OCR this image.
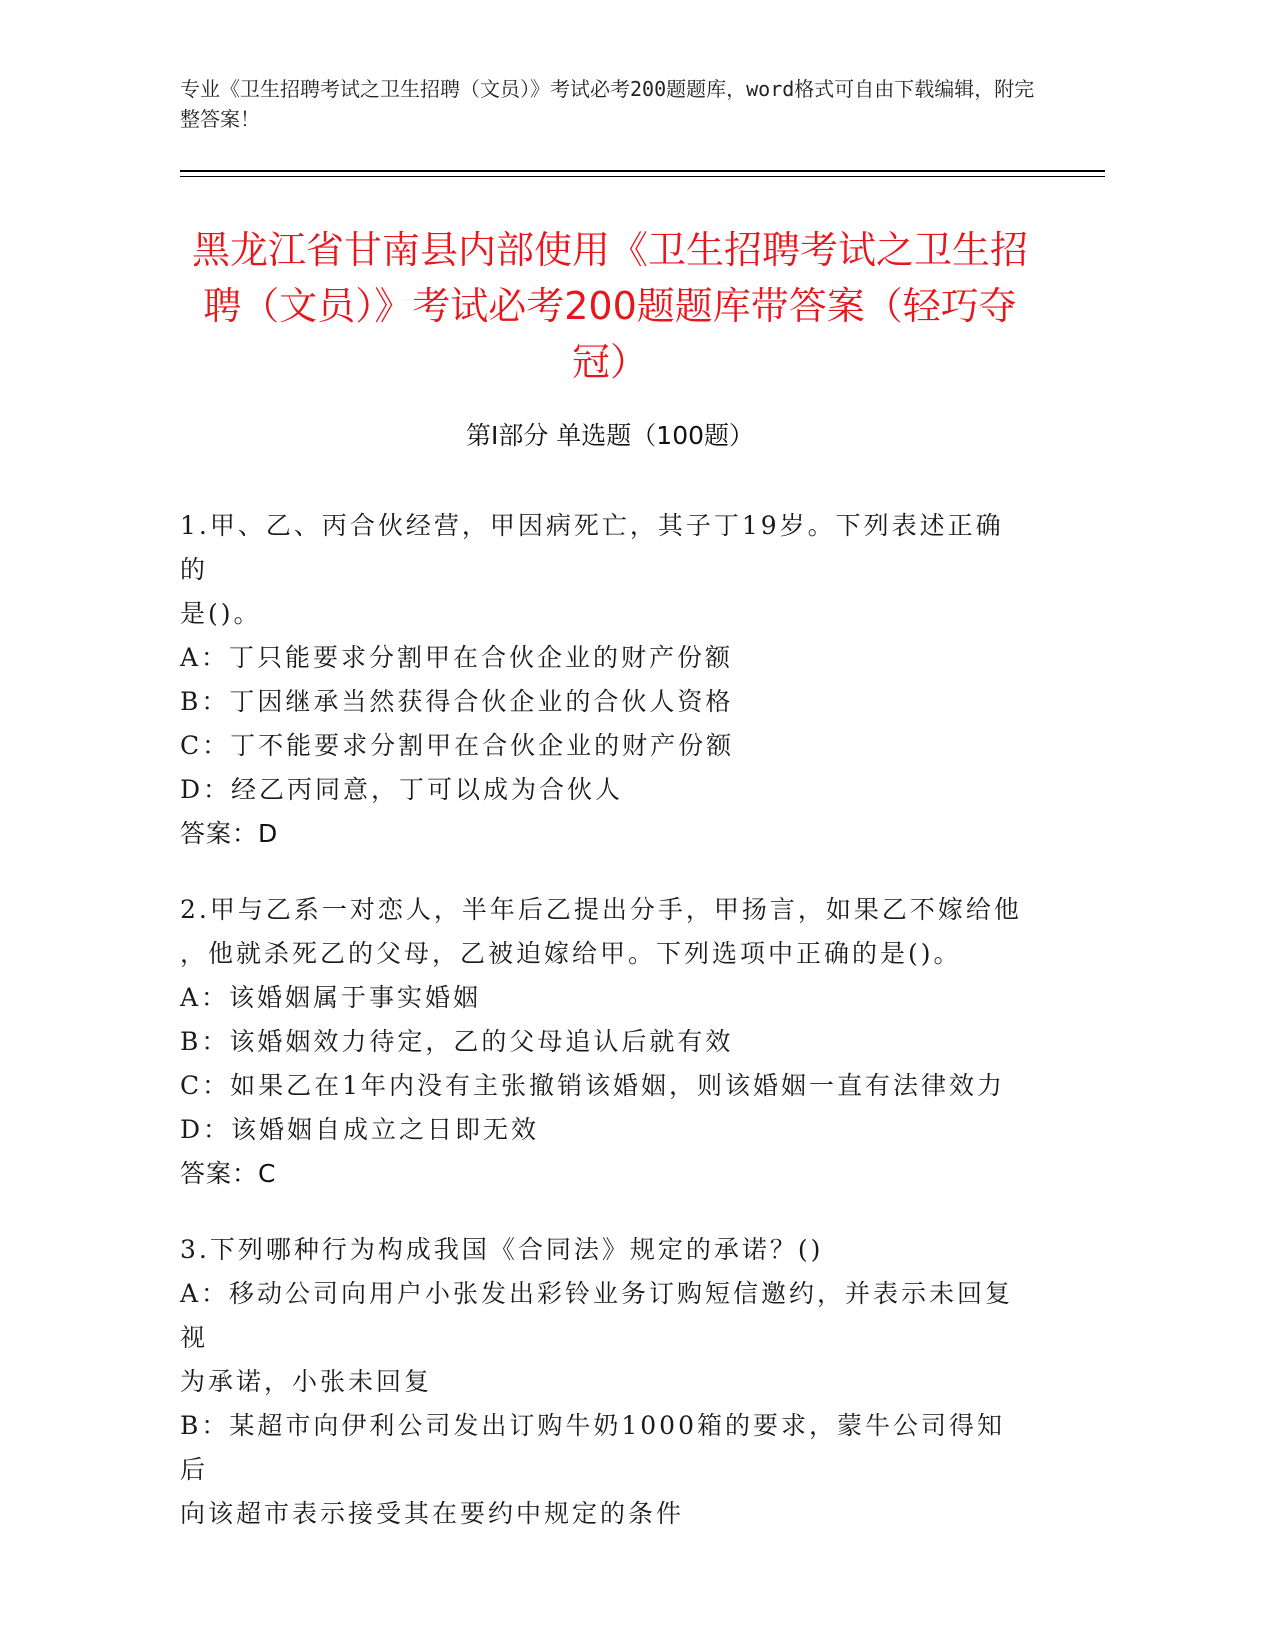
专业《卫生招聘考试之卫生招聘（文员）》考试必考200题题库，word格式可自由下载编辑，附完整答案！
黑龙江省甘南县内部使用《卫生招聘考试之卫生招聘（文员）》考试必考200题题库带答案（轻巧夺冠）
第Ⅰ部分 单选题（100题）
1.甲、乙、丙合伙经营，甲因病死亡，其子丁19岁。下列表述正确的
是()。
A：丁只能要求分割甲在合伙企业的财产份额
B：丁因继承当然获得合伙企业的合伙人资格
C：丁不能要求分割甲在合伙企业的财产份额
D：经乙丙同意，丁可以成为合伙人
答案：D
2.甲与乙系一对恋人，半年后乙提出分手，甲扬言，如果乙不嫁给他
，他就杀死乙的父母，乙被迫嫁给甲。下列选项中正确的是()。
A：该婚姻属于事实婚姻
B：该婚姻效力待定，乙的父母追认后就有效
C：如果乙在1年内没有主张撤销该婚姻，则该婚姻一直有法律效力
D：该婚姻自成立之日即无效
答案：C
3.下列哪种行为构成我国《合同法》规定的承诺？()
A：移动公司向用户小张发出彩铃业务订购短信邀约，并表示未回复视
为承诺，小张未回复
B：某超市向伊利公司发出订购牛奶1000箱的要求，蒙牛公司得知后
向该超市表示接受其在要约中规定的条件
